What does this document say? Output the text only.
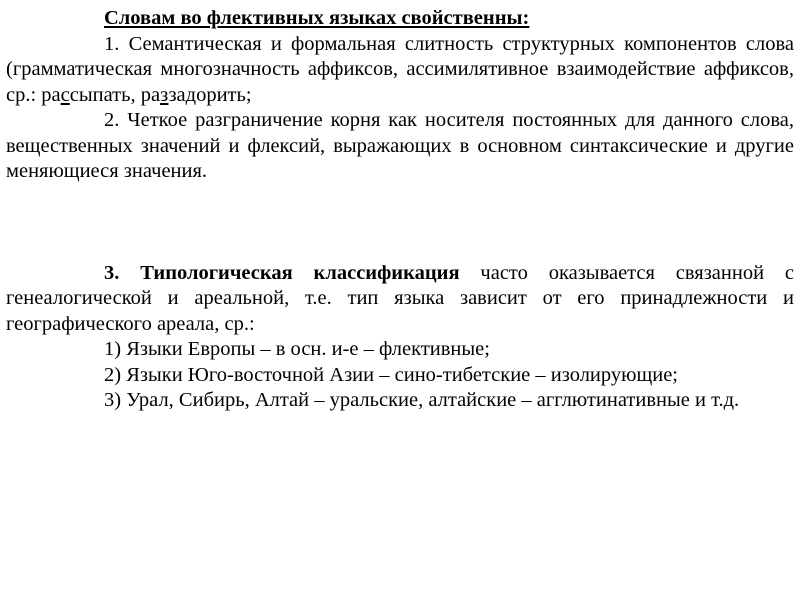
Словам во флективных языках свойственны:

1. Семантическая и формальная слитность структурных компонентов слова (грамматическая многозначность аффиксов, ассимилятивное взаимодействие аффиксов, ср.: рассыпать, раззадорить;

2. Четкое разграничение корня как носителя постоянных для данного слова, вещественных значений и флексий, выражающих в основном синтаксические и другие меняющиеся значения.

3. Типологическая классификация часто оказывается связанной с генеалогической и ареальной, т.е. тип языка зависит от его принадлежности и географического ареала, ср.:

1) Языки Европы – в осн. и-е – флективные;

2) Языки Юго-восточной Азии – сино-тибетские – изолирующие;

3) Урал, Сибирь, Алтай – уральские, алтайские – агглютинативные и т.д.
